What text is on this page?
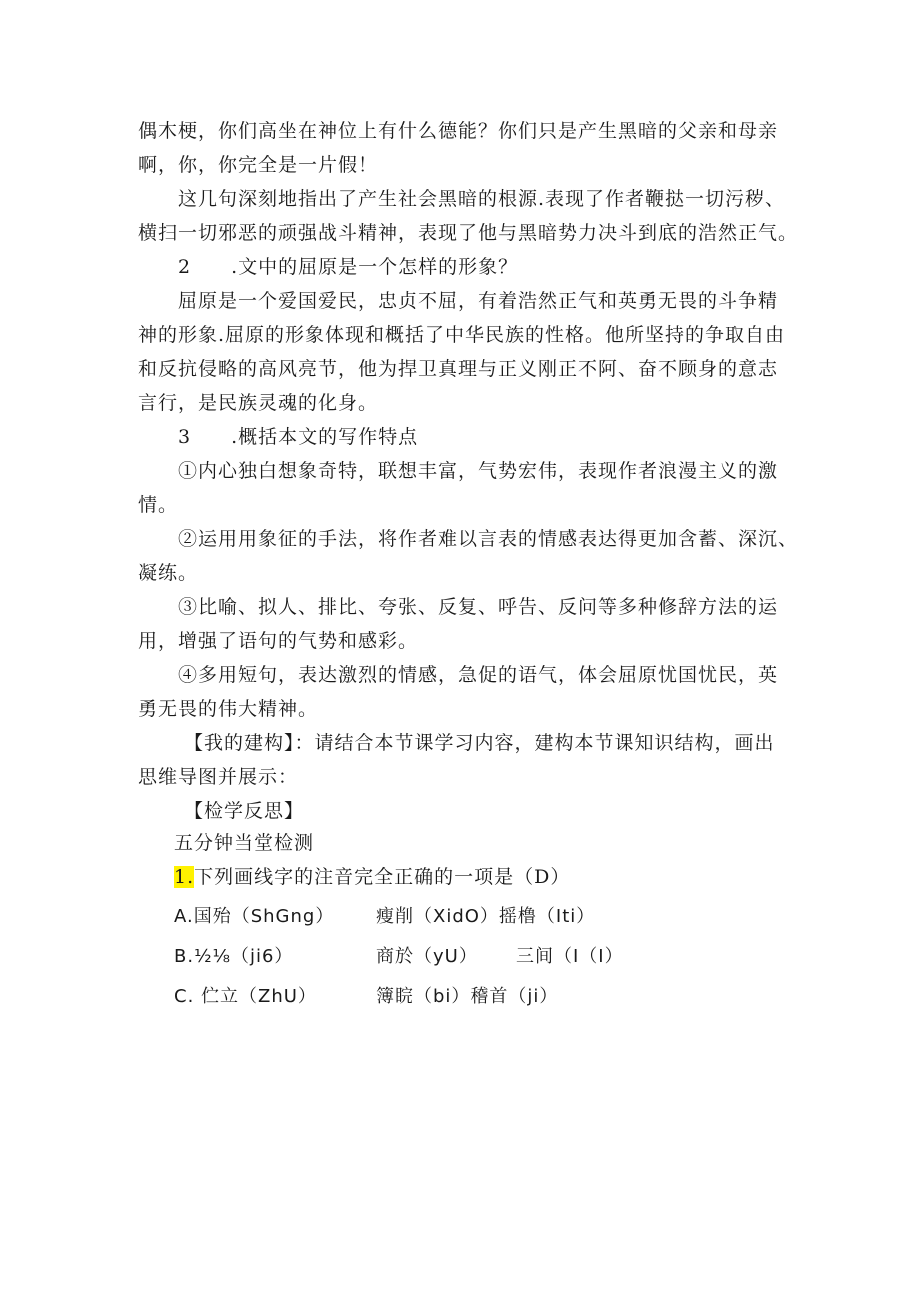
偶木梗，你们高坐在神位上有什么德能？你们只是产生黑暗的父亲和母亲
啊，你，你完全是一片假！
这几句深刻地指出了产生社会黑暗的根源.表现了作者鞭挞一切污秽、
横扫一切邪恶的顽强战斗精神，表现了他与黑暗势力决斗到底的浩然正气。
2　　.文中的屈原是一个怎样的形象？
屈原是一个爱国爱民，忠贞不屈，有着浩然正气和英勇无畏的斗争精
神的形象.屈原的形象体现和概括了中华民族的性格。他所坚持的争取自由
和反抗侵略的高风亮节，他为捍卫真理与正义刚正不阿、奋不顾身的意志
言行，是民族灵魂的化身。
3　　.概括本文的写作特点
①内心独白想象奇特，联想丰富，气势宏伟，表现作者浪漫主义的激
情。
②运用用象征的手法，将作者难以言表的情感表达得更加含蓄、深沉、
凝练。
③比喻、拟人、排比、夸张、反复、呼告、反问等多种修辞方法的运
用，增强了语句的气势和感彩。
④多用短句，表达激烈的情感，急促的语气，体会屈原忧国忧民，英
勇无畏的伟大精神。
【我的建构】：请结合本节课学习内容，建构本节课知识结构，画出
思维导图并展示：
【检学反思】
五分钟当堂检测
1.下列画线字的注音完全正确的一项是（D）
A.国殆（ShGng） 瘦削（XidO）摇橹（Iti）
B.½⅛（ji6）	商於（yU） 三间（I（I）
C. 伫立（ZhU）	簿睆（bi）稽首（ji）
